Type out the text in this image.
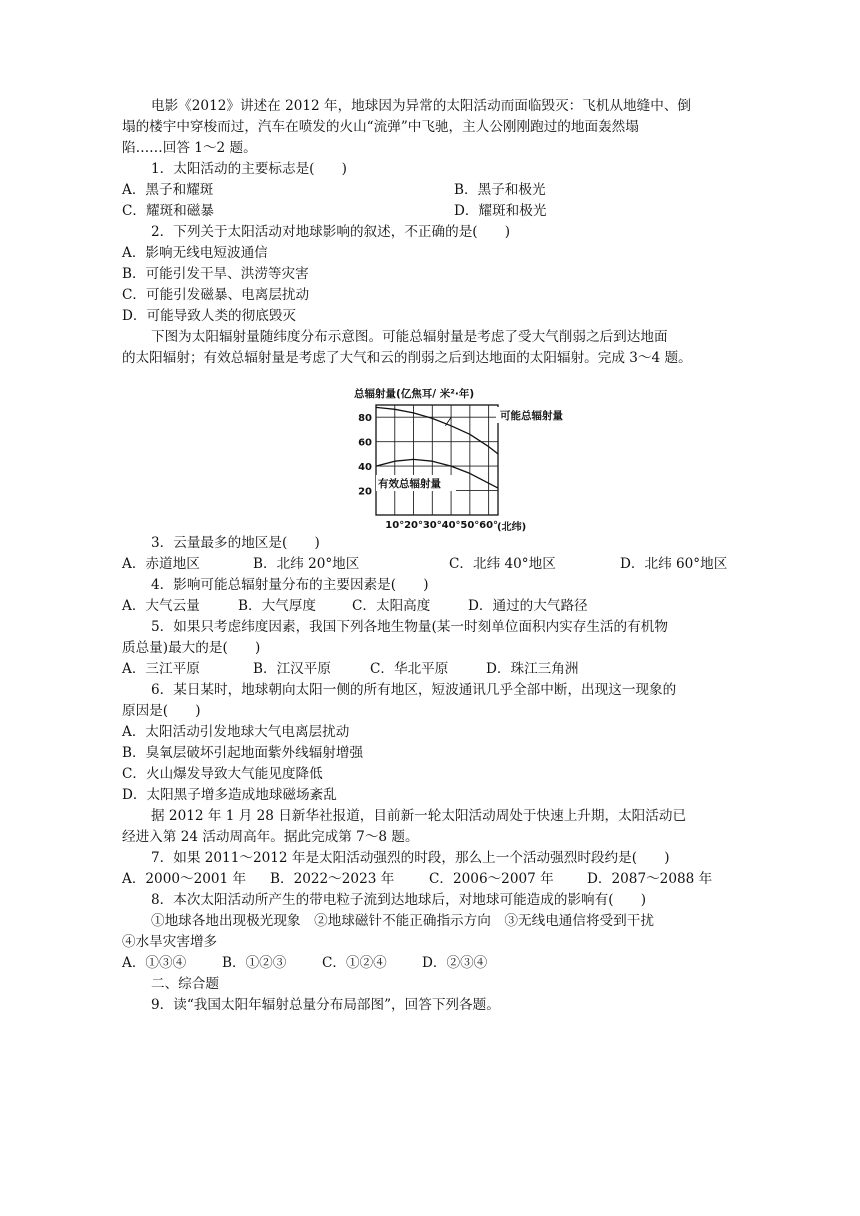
电影《2012》讲述在 2012 年，地球因为异常的太阳活动而面临毁灭：飞机从地缝中、倒
塌的楼宇中穿梭而过，汽车在喷发的火山“流弹”中飞驰，主人公刚刚跑过的地面轰然塌
陷……回答 1～2 题。
1．太阳活动的主要标志是(　　)
A．黑子和耀斑	B．黑子和极光
C．耀斑和磁暴	D．耀斑和极光
2．下列关于太阳活动对地球影响的叙述，不正确的是(　　)
A．影响无线电短波通信
B．可能引发干旱、洪涝等灾害
C．可能引发磁暴、电离层扰动
D．可能导致人类的彻底毁灭
下图为太阳辐射量随纬度分布示意图。可能总辐射量是考虑了受大气削弱之后到达地面
的太阳辐射；有效总辐射量是考虑了大气和云的削弱之后到达地面的太阳辐射。完成 3～4 题。
总辐射量(亿焦耳/ 米²·年)
10° 20° 30° 40° 50° 60°
20
40
60
80	可能总辐射量
有效总辐射量
(北纬)
3．云量最多的地区是(　　)
A．赤道地区	B．北纬 20°地区	C．北纬 40°地区	D．北纬 60°地区
4．影响可能总辐射量分布的主要因素是(　　)
A．大气云量	B．大气厚度	C．太阳高度	D．通过的大气路径
5．如果只考虑纬度因素，我国下列各地生物量(某一时刻单位面积内实存生活的有机物
质总量)最大的是(　　)
A．三江平原	B．江汉平原	C．华北平原	D．珠江三角洲
6．某日某时，地球朝向太阳一侧的所有地区，短波通讯几乎全部中断，出现这一现象的
原因是(　　)
A．太阳活动引发地球大气电离层扰动
B．臭氧层破坏引起地面紫外线辐射增强
C．火山爆发导致大气能见度降低
D．太阳黑子增多造成地球磁场紊乱
据 2012 年 1 月 28 日新华社报道，目前新一轮太阳活动周处于快速上升期，太阳活动已
经进入第 24 活动周高年。据此完成第 7～8 题。
7．如果 2011～2012 年是太阳活动强烈的时段，那么上一个活动强烈时段约是(　　)
A．2000～2001 年 B．2022～2023 年	C．2006～2007 年 D．2087～2088 年
8．本次太阳活动所产生的带电粒子流到达地球后，对地球可能造成的影响有(　　)
①地球各地出现极光现象　②地球磁针不能正确指示方向　③无线电通信将受到干扰
④水旱灾害增多
A．①③④	B．①②③	C．①②④	D．②③④
二、综合题
9．读“我国太阳年辐射总量分布局部图”，回答下列各题。
